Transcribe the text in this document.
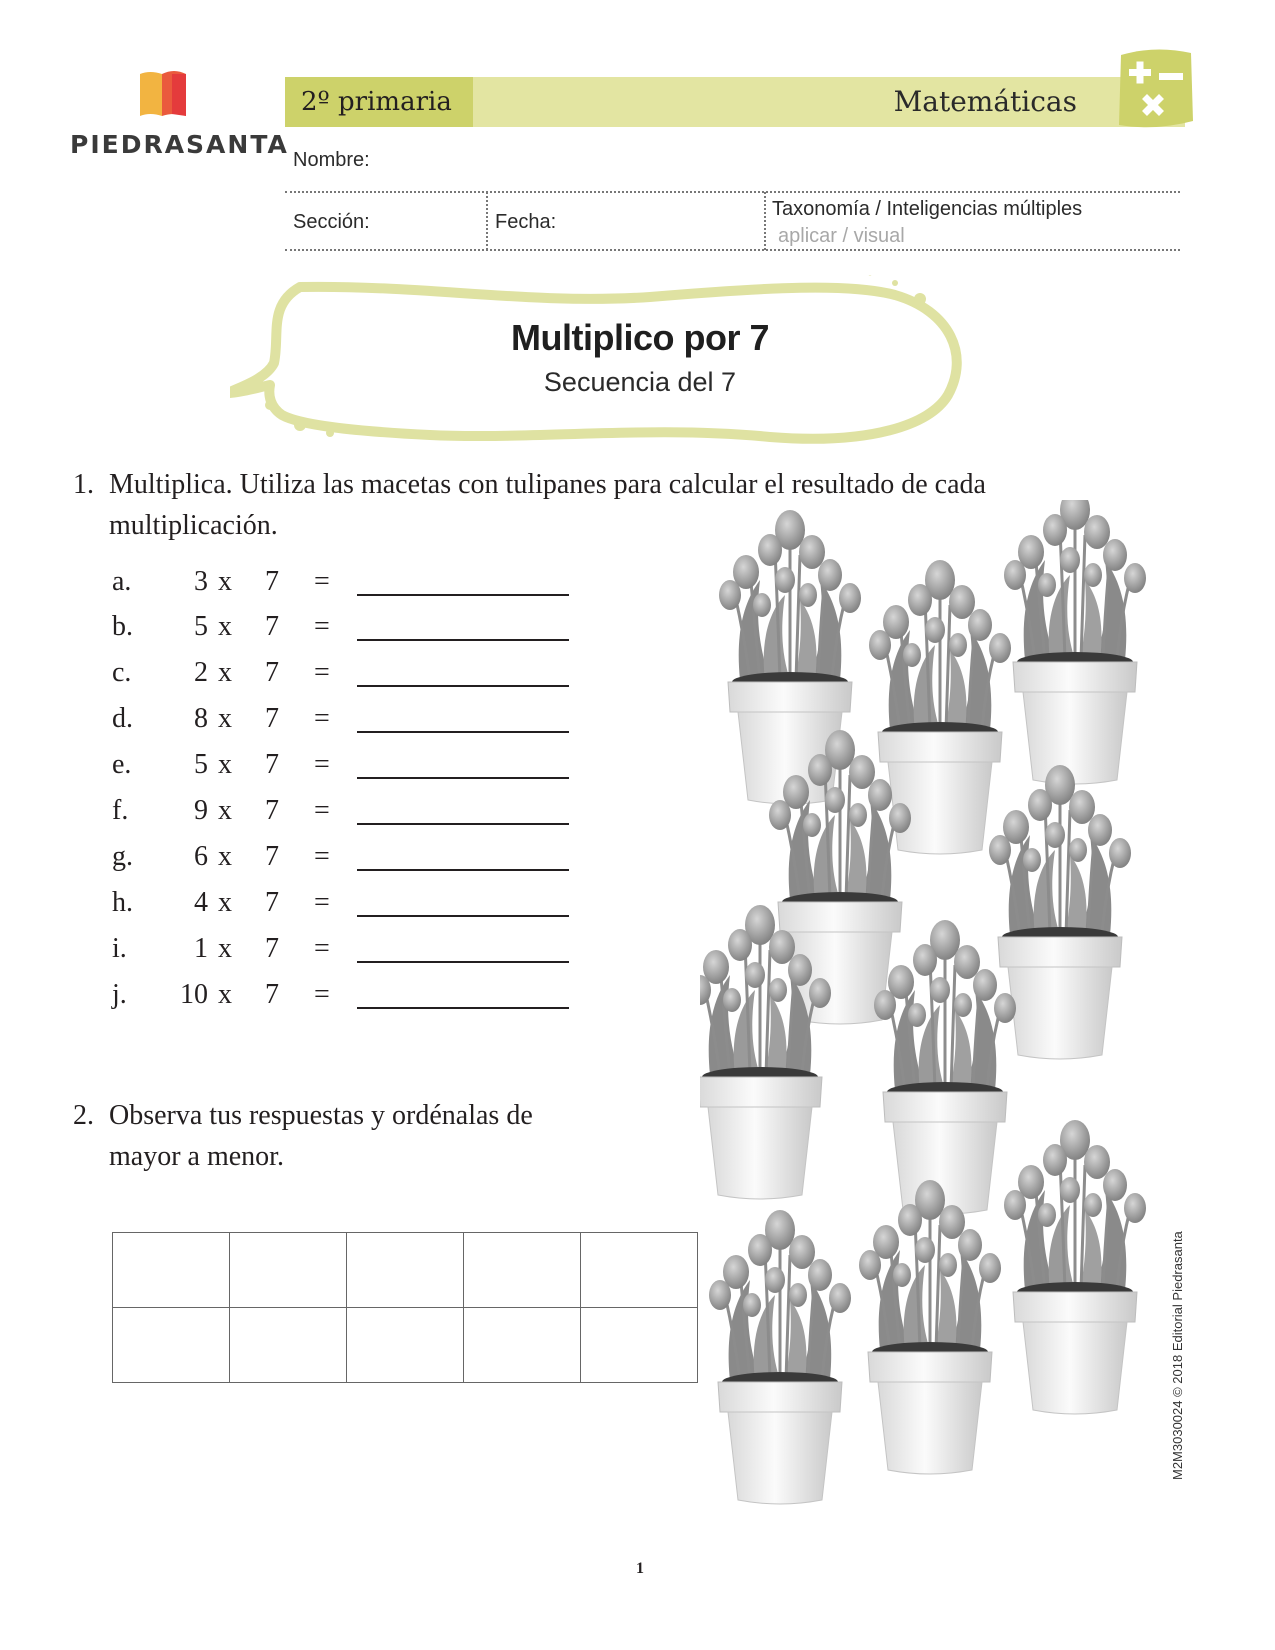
PIEDRASANTA
2º primaria	Matemáticas
Nombre:
Sección:	Fecha:
Taxonomía / Inteligencias múltiples
aplicar / visual
Multiplico por 7
Secuencia del 7
1. Multiplica. Utiliza las macetas con tulipanes para calcular el resultado de cada
multiplicación.
a.	3 x 7 =
b.	5 x 7 =
c.	2 x 7 =
d.	8 x 7 =
e.	5 x 7 =
f.	9 x 7 =
g.	6 x 7 =
h.	4 x 7 =
i.	1 x 7 =
j. 10 x 7 =
2. Observa tus respuestas y ordénalas de
mayor a menor.

M2M3030024 © 2018 Editorial Piedrasanta
1
